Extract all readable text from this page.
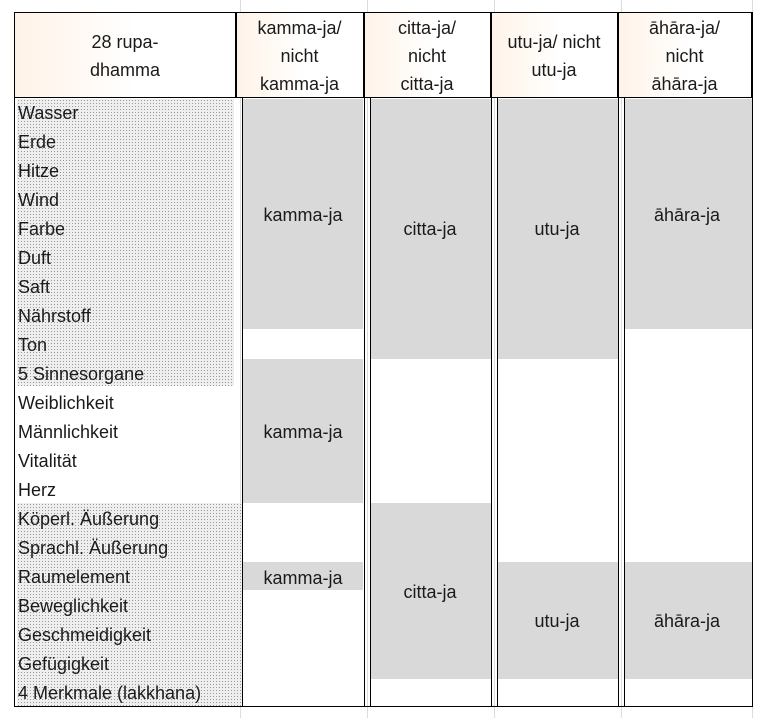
28 rupa-
dhamma
kamma-ja/
nicht
kamma-ja
citta-ja/
nicht
citta-ja
utu-ja/ nicht
utu-ja
āhāra-ja/
nicht
āhāra-ja
Wasser
Erde
Hitze
Wind
Farbe
Duft
Saft
Nährstoff
Ton
5 Sinnesorgane
Weiblichkeit
Männlichkeit
Vitalität
Herz
Köperl. Äußerung
Sprachl. Äußerung
Raumelement
Beweglichkeit
Geschmeidigkeit
Gefügigkeit
4 Merkmale (lakkhana)
kamma-ja
kamma-ja
kamma-ja
citta-ja
citta-ja
utu-ja
utu-ja
āhāra-ja
āhāra-ja
